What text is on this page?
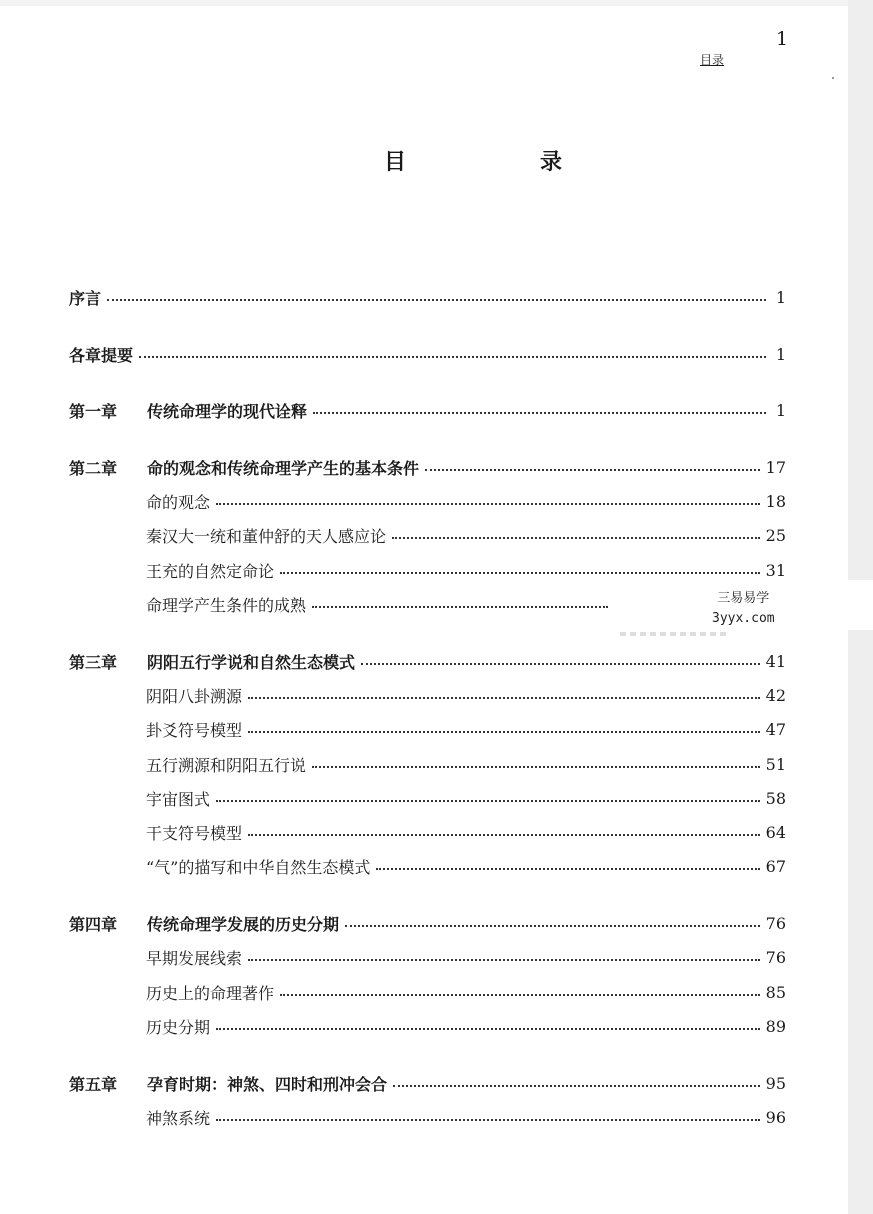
1
目录
目　录
序言	1
各章提要	1
第一章 传统命理学的现代诠释	1
第二章 命的观念和传统命理学产生的基本条件	17
命的观念	18
秦汉大一统和董仲舒的天人感应论	25
王充的自然定命论	31
命理学产生条件的成熟
第三章 阴阳五行学说和自然生态模式	41
阴阳八卦溯源	42
卦爻符号模型	47
五行溯源和阴阳五行说	51
宇宙图式	58
干支符号模型	64
“气”的描写和中华自然生态模式	67
第四章 传统命理学发展的历史分期	76
早期发展线索	76
历史上的命理著作	85
历史分期	89
第五章 孕育时期：神煞、四时和刑冲会合	95
神煞系统	96
三易易学
3yyx.com
